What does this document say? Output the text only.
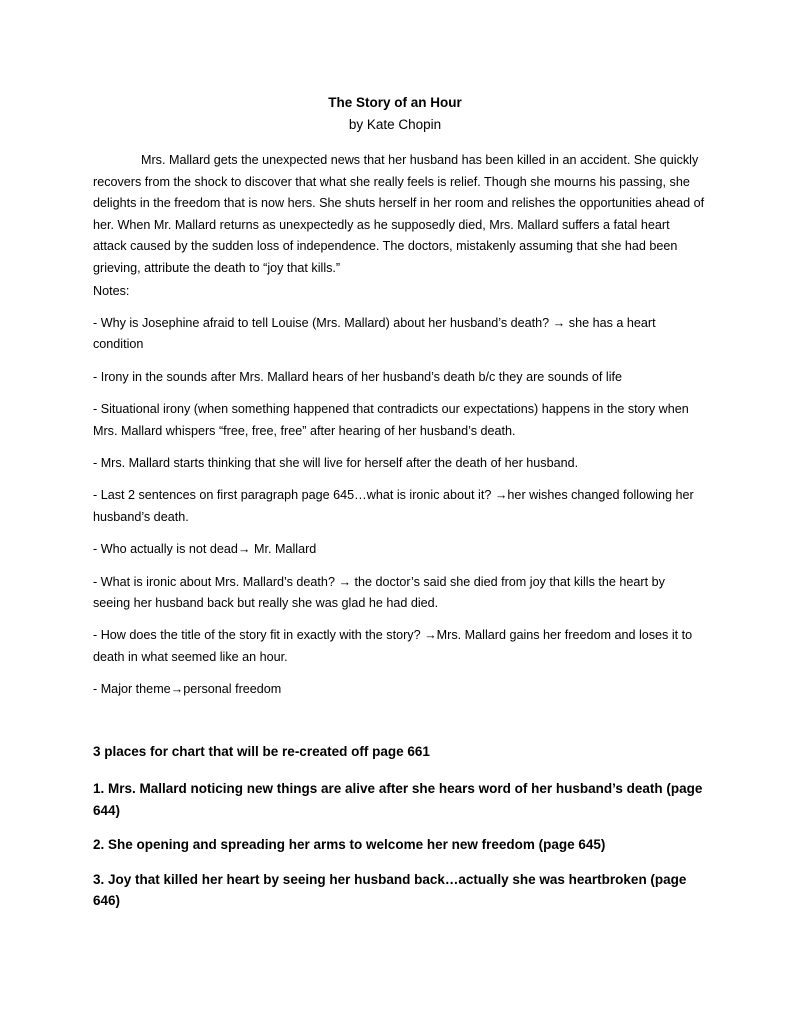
The Story of an Hour
by Kate Chopin

Mrs. Mallard gets the unexpected news that her husband has been killed in an accident. She quickly recovers from the shock to discover that what she really feels is relief. Though she mourns his passing, she delights in the freedom that is now hers. She shuts herself in her room and relishes the opportunities ahead of her. When Mr. Mallard returns as unexpectedly as he supposedly died, Mrs. Mallard suffers a fatal heart attack caused by the sudden loss of independence. The doctors, mistakenly assuming that she had been grieving, attribute the death to “joy that kills.”

Notes:
- Why is Josephine afraid to tell Louise (Mrs. Mallard) about her husband’s death? → she has a heart condition
- Irony in the sounds after Mrs. Mallard hears of her husband’s death b/c they are sounds of life
- Situational irony (when something happened that contradicts our expectations) happens in the story when Mrs. Mallard whispers “free, free, free” after hearing of her husband’s death.
- Mrs. Mallard starts thinking that she will live for herself after the death of her husband.
- Last 2 sentences on first paragraph page 645…what is ironic about it? →her wishes changed following her husband’s death.
- Who actually is not dead→ Mr. Mallard
- What is ironic about Mrs. Mallard’s death? → the doctor’s said she died from joy that kills the heart by seeing her husband back but really she was glad he had died.
- How does the title of the story fit in exactly with the story? →Mrs. Mallard gains her freedom and loses it to death in what seemed like an hour.
- Major theme→personal freedom
3 places for chart that will be re-created off page 661
1. Mrs. Mallard noticing new things are alive after she hears word of her husband’s death (page 644)
2. She opening and spreading her arms to welcome her new freedom (page 645)
3. Joy that killed her heart by seeing her husband back…actually she was heartbroken (page 646)
